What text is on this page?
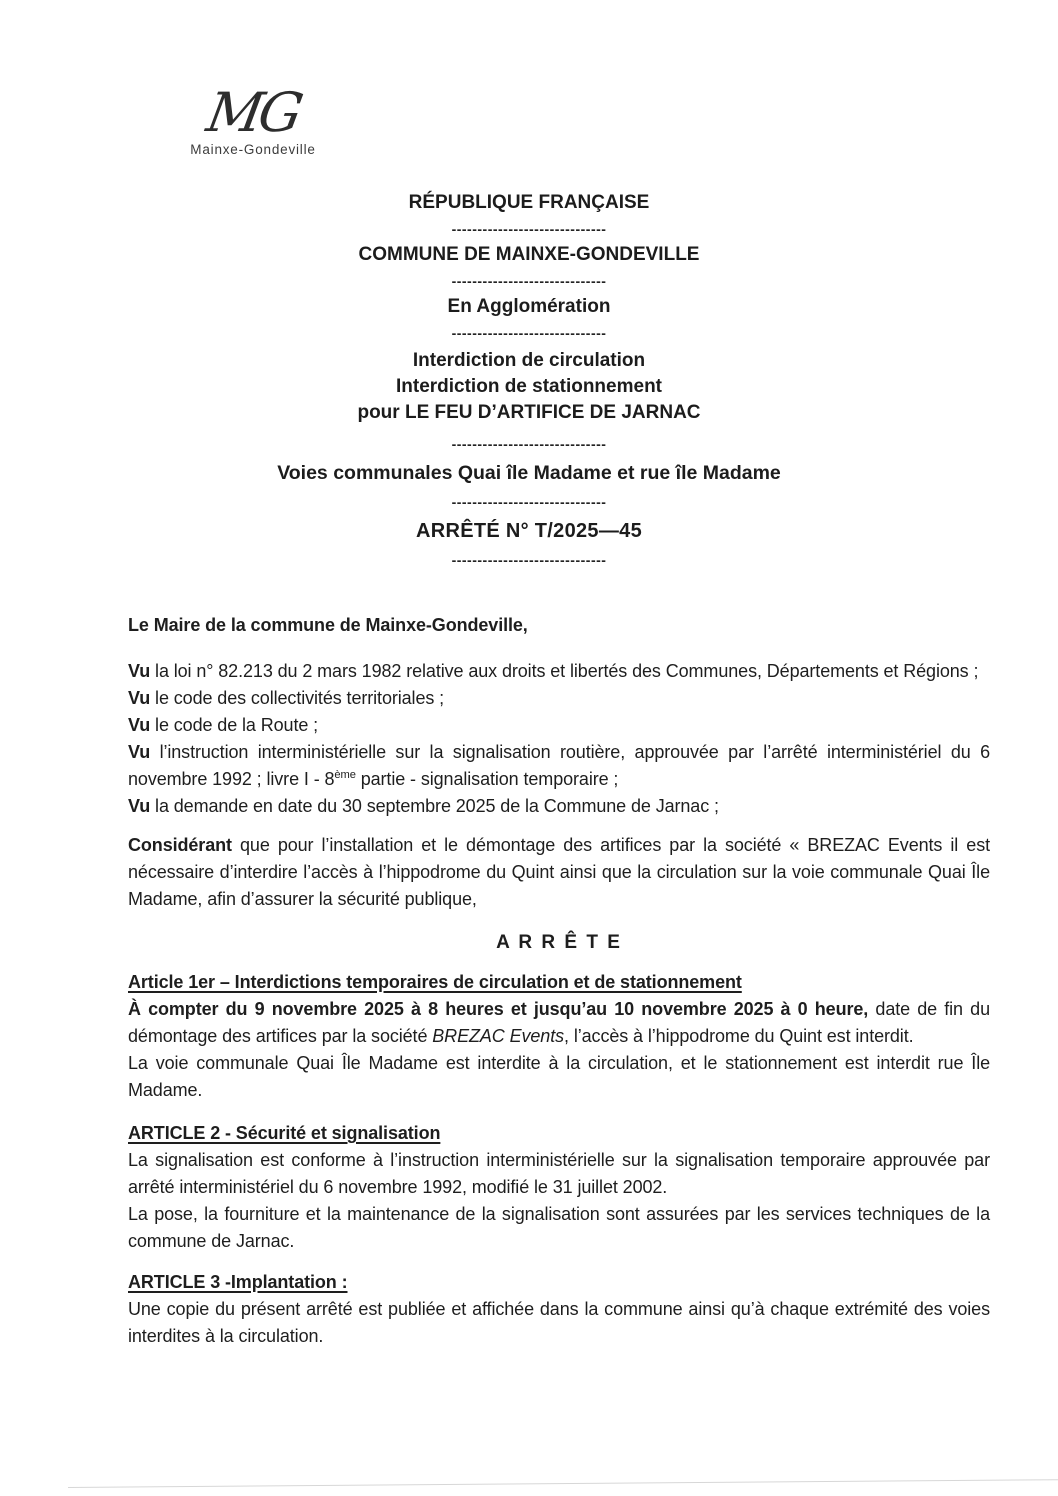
MG
Mainxe-Gondeville
RÉPUBLIQUE FRANÇAISE
------------------------------
COMMUNE DE MAINXE-GONDEVILLE
------------------------------
En Agglomération
------------------------------
Interdiction de circulation
Interdiction de stationnement
pour LE FEU D’ARTIFICE DE JARNAC
------------------------------
Voies communales Quai île Madame et rue île Madame
------------------------------
ARRÊTÉ N° T/2025—45
------------------------------

Le Maire de la commune de Mainxe-Gondeville,

Vu la loi n° 82.213 du 2 mars 1982 relative aux droits et libertés des Communes, Départements et Régions ;

Vu le code des collectivités territoriales ;

Vu le code de la Route ;

Vu l’instruction interministérielle sur la signalisation routière, approuvée par l’arrêté interministériel du 6 novembre 1992 ; livre I - 8ème partie - signalisation temporaire ;

Vu la demande en date du 30 septembre 2025 de la Commune de Jarnac ;

Considérant que pour l’installation et le démontage des artifices par la société « BREZAC Events il est nécessaire d’interdire l’accès à l’hippodrome du Quint ainsi que la circulation sur la voie communale Quai Île Madame, afin d’assurer la sécurité publique,

A R R Ê T E

Article 1er – Interdictions temporaires de circulation et de stationnement

À compter du 9 novembre 2025 à 8 heures et jusqu’au 10 novembre 2025 à 0 heure, date de fin du démontage des artifices par la société BREZAC Events, l’accès à l’hippodrome du Quint est interdit.

La voie communale Quai Île Madame est interdite à la circulation, et le stationnement est interdit rue Île Madame.

ARTICLE 2 - Sécurité et signalisation

La signalisation est conforme à l’instruction interministérielle sur la signalisation temporaire approuvée par arrêté interministériel du 6 novembre 1992, modifié le 31 juillet 2002.

La pose, la fourniture et la maintenance de la signalisation sont assurées par les services techniques de la commune de Jarnac.

ARTICLE 3 -Implantation :

Une copie du présent arrêté est publiée et affichée dans la commune ainsi qu’à chaque extrémité des voies interdites à la circulation.
